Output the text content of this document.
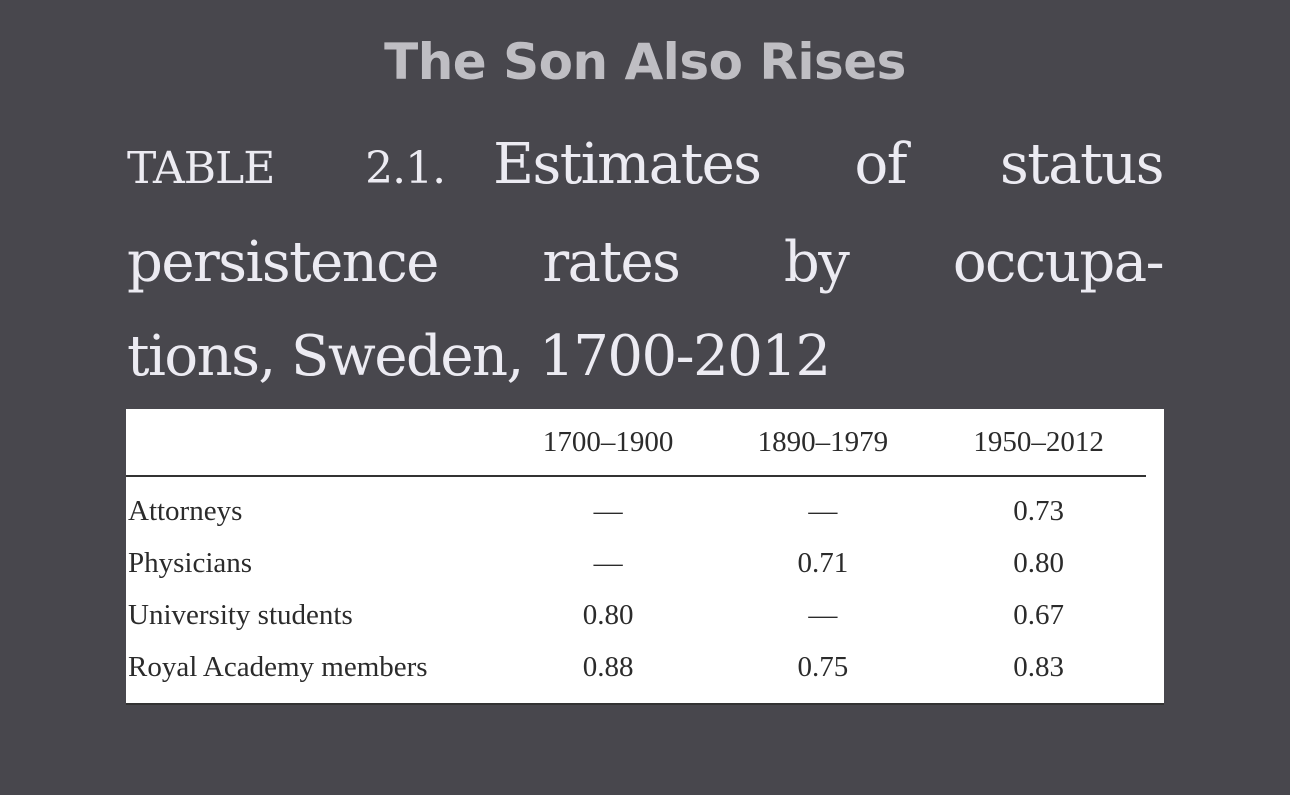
The Son Also Rises
TABLE 2.1. Estimates of status
persistence rates by occupa-
tions, Sweden, 1700-2012
	1700–1900	1890–1979	1950–2012
Attorneys	—	—	0.73
Physicians	—	0.71	0.80
University students	0.80	—	0.67
Royal Academy members	0.88	0.75	0.83
